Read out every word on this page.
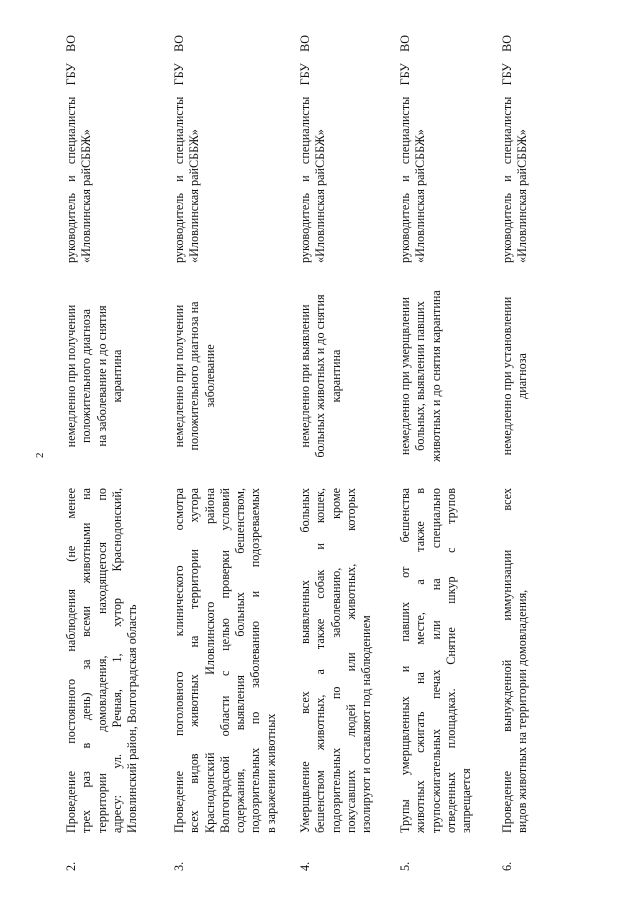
2
2.
Проведение постоянного наблюдения (не менее трех раз в день) за всеми животными на территории домовладения, находящегося по адресу: ул. Речная, 1, хутор Краснодонский, Иловлинский район, Волгоградская область
немедленно при получении положительного диагноза на заболевание и до снятия карантина
руководитель и специалисты ГБУ ВО «Иловлинская райСББЖ»
3.
Проведение поголовного клинического осмотра всех видов животных на территории хутора Краснодонский Иловлинского района Волгоградской области с целью проверки условий содержания, выявления больных бешенством, подозрительных по заболеванию и подозреваемых в заражении животных
немедленно при получении положительного диагноза на заболевание
руководитель и специалисты ГБУ ВО «Иловлинская райСББЖ»
4.
Умерщвление всех выявленных больных бешенством животных, а также собак и кошек, подозрительных по заболеванию, кроме покусавших людей или животных, которых изолируют и оставляют под наблюдением
немедленно при выявлении больных животных и до снятия карантина
руководитель и специалисты ГБУ ВО «Иловлинская райСББЖ»
5.
Трупы умерщвленных и павших от бешенства животных сжигать на месте, а также в трупосжигательных печах или на специально отведенных площадках. Снятие шкур с трупов запрещается
немедленно при умерщвлении больных, выявлении павших животных и до снятия карантина
руководитель и специалисты ГБУ ВО «Иловлинская райСББЖ»
6.
Проведение вынужденной иммунизации всех видов животных на территории домовладения,
немедленно при установлении диагноза
руководитель и специалисты ГБУ ВО «Иловлинская райСББЖ»
